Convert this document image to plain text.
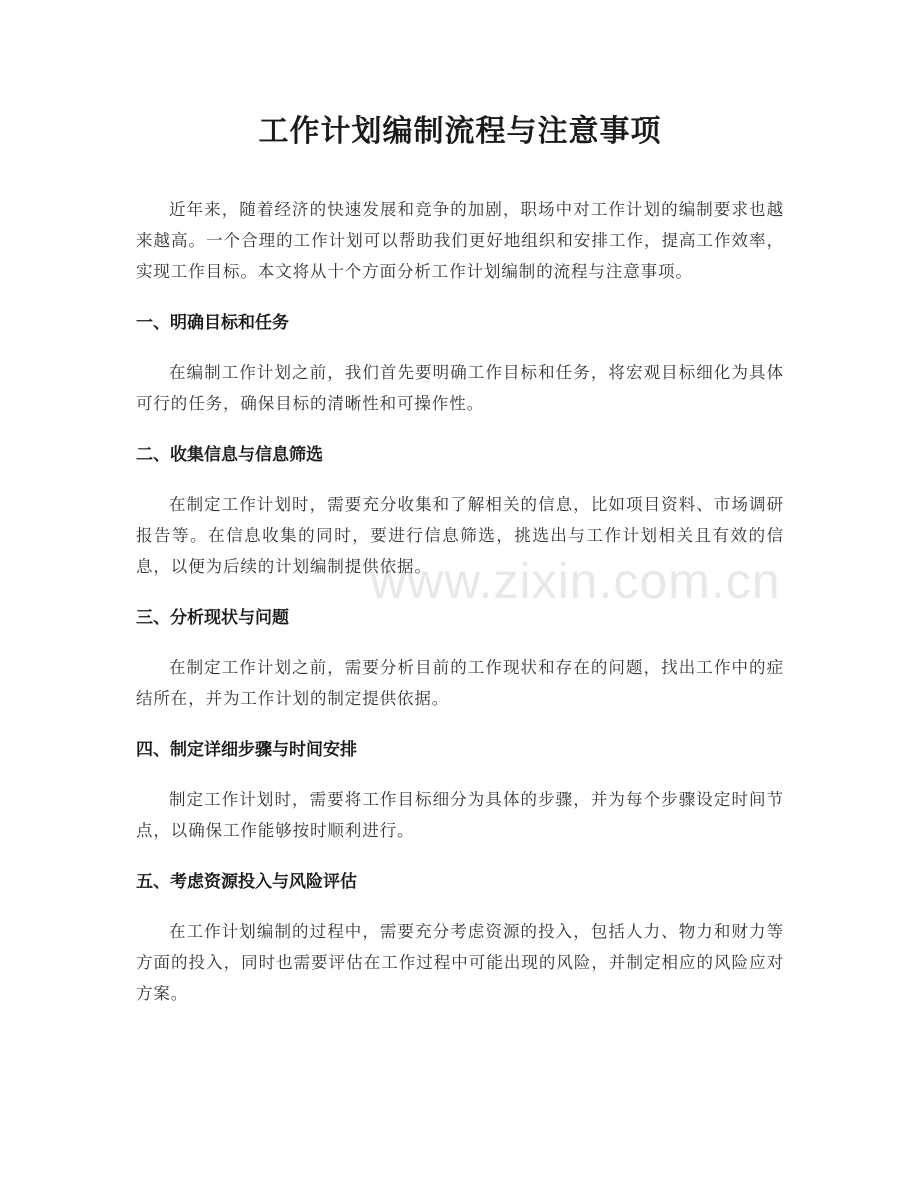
工作计划编制流程与注意事项

近年来，随着经济的快速发展和竞争的加剧，职场中对工作计划的编制要求也越来越高。一个合理的工作计划可以帮助我们更好地组织和安排工作，提高工作效率，实现工作目标。本文将从十个方面分析工作计划编制的流程与注意事项。

一、明确目标和任务

在编制工作计划之前，我们首先要明确工作目标和任务，将宏观目标细化为具体可行的任务，确保目标的清晰性和可操作性。

二、收集信息与信息筛选

在制定工作计划时，需要充分收集和了解相关的信息，比如项目资料、市场调研报告等。在信息收集的同时，要进行信息筛选，挑选出与工作计划相关且有效的信息，以便为后续的计划编制提供依据。

三、分析现状与问题

在制定工作计划之前，需要分析目前的工作现状和存在的问题，找出工作中的症结所在，并为工作计划的制定提供依据。

四、制定详细步骤与时间安排

制定工作计划时，需要将工作目标细分为具体的步骤，并为每个步骤设定时间节点，以确保工作能够按时顺利进行。

五、考虑资源投入与风险评估

在工作计划编制的过程中，需要充分考虑资源的投入，包括人力、物力和财力等方面的投入，同时也需要评估在工作过程中可能出现的风险，并制定相应的风险应对方案。

www.zixin.com.cn
